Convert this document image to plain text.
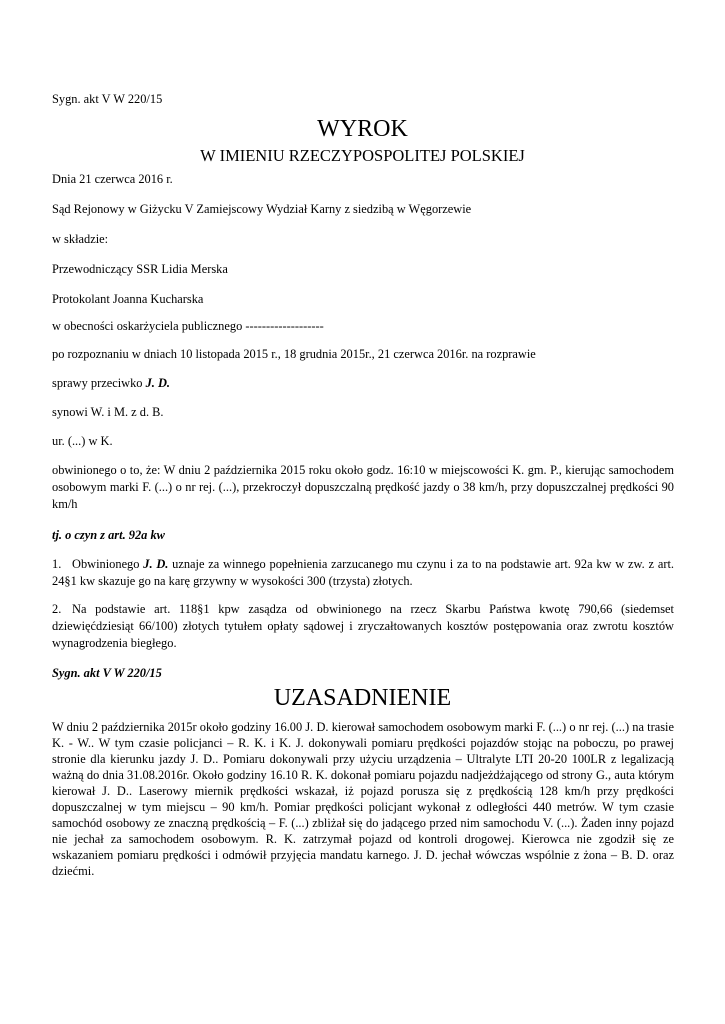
Sygn. akt V W 220/15
WYROK
W IMIENIU RZECZYPOSPOLITEJ POLSKIEJ
Dnia 21 czerwca 2016 r.
Sąd Rejonowy w Giżycku V Zamiejscowy Wydział Karny z siedzibą w Węgorzewie
w składzie:
Przewodniczący SSR Lidia Merska
Protokolant Joanna Kucharska
w obecności oskarżyciela publicznego -------------------
po rozpoznaniu w dniach 10 listopada 2015 r., 18 grudnia 2015r., 21 czerwca 2016r. na rozprawie
sprawy przeciwko J. D.
synowi W. i M. z d. B.
ur. (...) w K.
obwinionego o to, że: W dniu 2 października 2015 roku około godz. 16:10 w miejscowości K. gm. P., kierując samochodem osobowym marki F. (...) o nr rej. (...), przekroczył dopuszczalną prędkość jazdy o 38 km/h, przy dopuszczalnej prędkości 90 km/h
tj. o czyn z art. 92a kw
1. Obwinionego J. D. uznaje za winnego popełnienia zarzucanego mu czynu i za to na podstawie art. 92a kw w zw. z art. 24§1 kw skazuje go na karę grzywny w wysokości 300 (trzysta) złotych.
2. Na podstawie art. 118§1 kpw zasądza od obwinionego na rzecz Skarbu Państwa kwotę 790,66 (siedemset dziewięćdziesiąt 66/100) złotych tytułem opłaty sądowej i zryczałtowanych kosztów postępowania oraz zwrotu kosztów wynagrodzenia biegłego.
Sygn. akt V W 220/15
UZASADNIENIE
W dniu 2 października 2015r około godziny 16.00 J. D. kierował samochodem osobowym marki F. (...) o nr rej. (...) na trasie K. - W.. W tym czasie policjanci – R. K. i K. J. dokonywali pomiaru prędkości pojazdów stojąc na poboczu, po prawej stronie dla kierunku jazdy J. D.. Pomiaru dokonywali przy użyciu urządzenia – Ultralyte LTI 20-20 100LR z legalizacją ważną do dnia 31.08.2016r. Około godziny 16.10 R. K. dokonał pomiaru pojazdu nadjeżdżającego od strony G., auta którym kierował J. D.. Laserowy miernik prędkości wskazał, iż pojazd porusza się z prędkością 128 km/h przy prędkości dopuszczalnej w tym miejscu – 90 km/h. Pomiar prędkości policjant wykonał z odległości 440 metrów. W tym czasie samochód osobowy ze znaczną prędkością – F. (...) zbliżał się do jadącego przed nim samochodu V. (...). Żaden inny pojazd nie jechał za samochodem osobowym. R. K. zatrzymał pojazd od kontroli drogowej. Kierowca nie zgodził się ze wskazaniem pomiaru prędkości i odmówił przyjęcia mandatu karnego. J. D. jechał wówczas wspólnie z żona – B. D. oraz dziećmi.
